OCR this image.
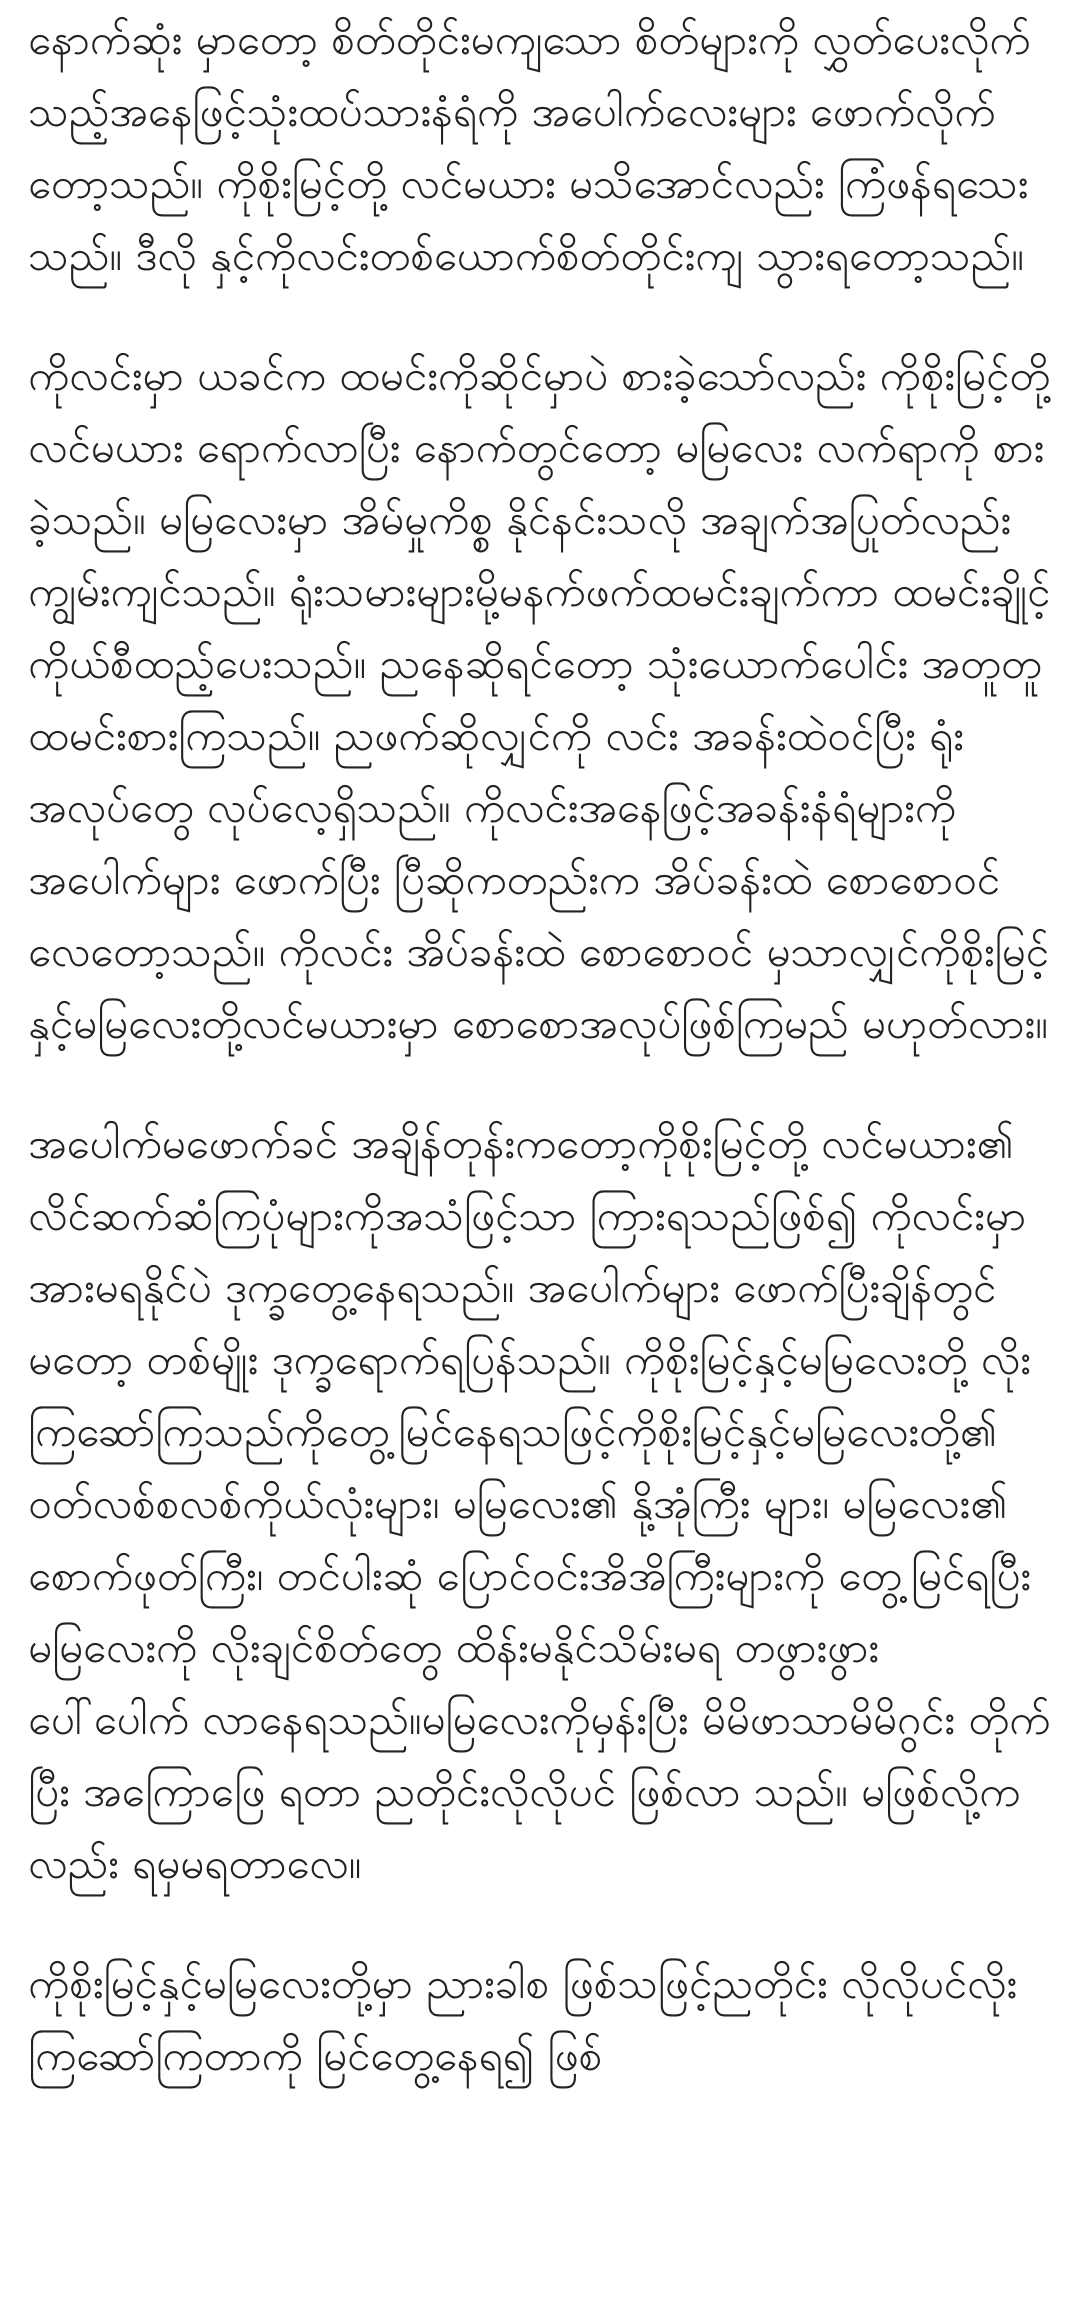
နောက်ဆုံး မှာတော့ စိတ်တိုင်းမကျသော စိတ်များကို လွှတ်ပေးလိုက်သည့်အနေဖြင့်သုံးထပ်သားနံရံကို အပေါက်လေးများ ဖောက်လိုက်တော့သည်။ ကိုစိုးမြင့်တို့ လင်မယား မသိအောင်လည်း ကြံဖန်ရသေးသည်။ ဒီလို နှင့်ကိုလင်းတစ်ယောက်စိတ်တိုင်းကျ သွားရတော့သည်။

ကိုလင်းမှာ ယခင်က ထမင်းကိုဆိုင်မှာပဲ စားခဲ့သော်လည်း ကိုစိုးမြင့်တို့လင်မယား ရောက်လာပြီး နောက်တွင်တော့ မမြလေး လက်ရာကို စားခဲ့သည်။ မမြလေးမှာ အိမ်မှုကိစ္စ နိုင်နင်းသလို အချက်အပြုတ်လည်း ကျွမ်းကျင်သည်။ ရုံးသမားများမို့မနက်ဖက်ထမင်းချက်ကာ ထမင်းချိုင့်ကိုယ်စီထည့်ပေးသည်။ ညနေဆိုရင်တော့ သုံးယောက်ပေါင်း အတူတူထမင်းစားကြသည်။ ညဖက်ဆိုလျှင်ကို လင်း အခန်းထဲဝင်ပြီး ရုံးအလုပ်တွေ လုပ်လေ့ရှိသည်။ ကိုလင်းအနေဖြင့်အခန်းနံရံများကို အပေါက်များ ဖောက်ပြီး ပြီဆိုကတည်းက အိပ်ခန်းထဲ စောစောဝင်လေတော့သည်။ ကိုလင်း အိပ်ခန်းထဲ စောစောဝင် မှသာလျှင်ကိုစိုးမြင့်နှင့်မမြလေးတို့လင်မယားမှာ စောစောအလုပ်ဖြစ်ကြမည် မဟုတ်လား။

အပေါက်မဖောက်ခင် အချိန်တုန်းကတော့ကိုစိုးမြင့်တို့ လင်မယား၏ လိင်ဆက်ဆံကြပုံများကိုအသံဖြင့်သာ ကြားရသည်ဖြစ်၍ ကိုလင်းမှာ အားမရနိုင်ပဲ ဒုက္ခတွေ့နေရသည်။ အပေါက်များ ဖောက်ပြီးချိန်တွင်မတော့ တစ်မျိုး ဒုက္ခရောက်ရပြန်သည်။ ကိုစိုးမြင့်နှင့်မမြလေးတို့ လိုးကြဆော်ကြသည်ကိုတွေ့မြင်နေရသဖြင့်ကိုစိုးမြင့်နှင့်မမြလေးတို့၏ ဝတ်လစ်စလစ်ကိုယ်လုံးများ၊ မမြလေး၏ နို့အုံကြီး များ၊ မမြလေး၏ စောက်ဖုတ်ကြီး၊ တင်ပါးဆုံ ပြောင်ဝင်းအိအိကြီးများကို တွေ့မြင်ရပြီး မမြလေးကို လိုးချင်စိတ်တွေ ထိန်းမနိုင်သိမ်းမရ တဖွားဖွား ပေါ်ပေါက် လာနေရသည်။မမြလေးကိုမှန်းပြီး မိမိဖာသာမိမိဂွင်း တိုက်ပြီး အကြောဖြေ ရတာ ညတိုင်းလိုလိုပင် ဖြစ်လာ သည်။ မဖြစ်လို့ကလည်း ရမှမရတာလေ။

ကိုစိုးမြင့်နှင့်မမြလေးတို့မှာ ညားခါစ ဖြစ်သဖြင့်ညတိုင်း လိုလိုပင်လိုးကြဆော်ကြတာကို မြင်တွေ့နေရ၍ ဖြစ်
